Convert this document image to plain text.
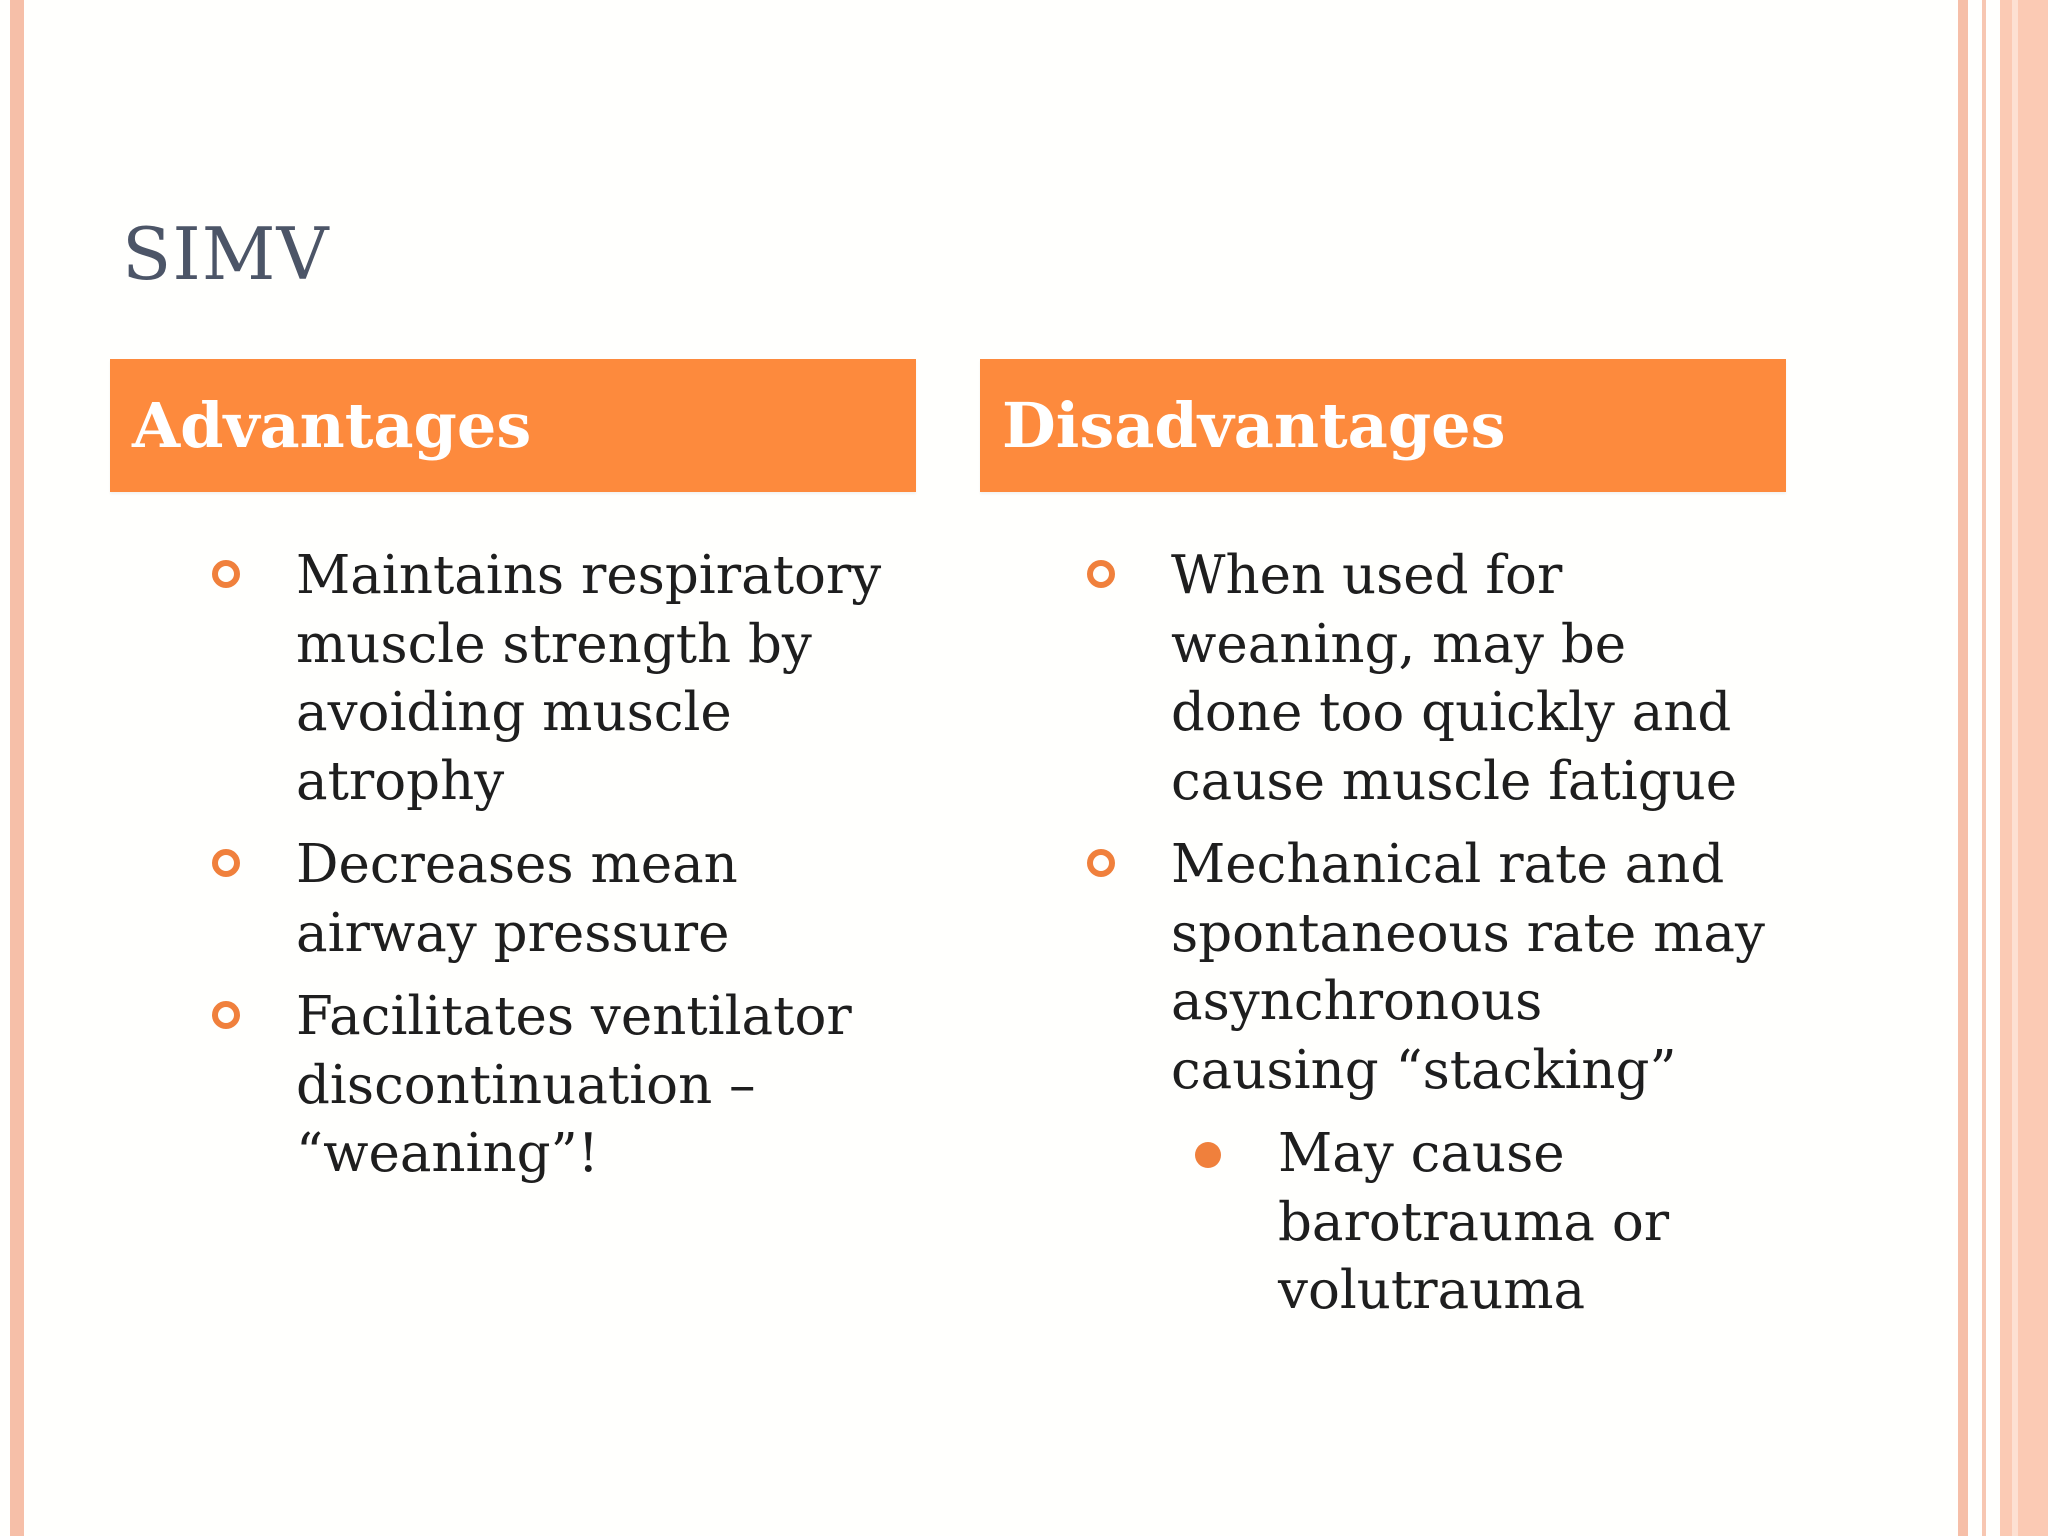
SIMV
Advantages	Disadvantages
Maintains respiratory muscle strength by avoiding muscle atrophy
Decreases mean airway pressure
Facilitates ventilator discontinuation – “weaning”!
When used for weaning, may be done too quickly and cause muscle fatigue
Mechanical rate and spontaneous rate may asynchronous causing “stacking”
May cause barotrauma or volutrauma
